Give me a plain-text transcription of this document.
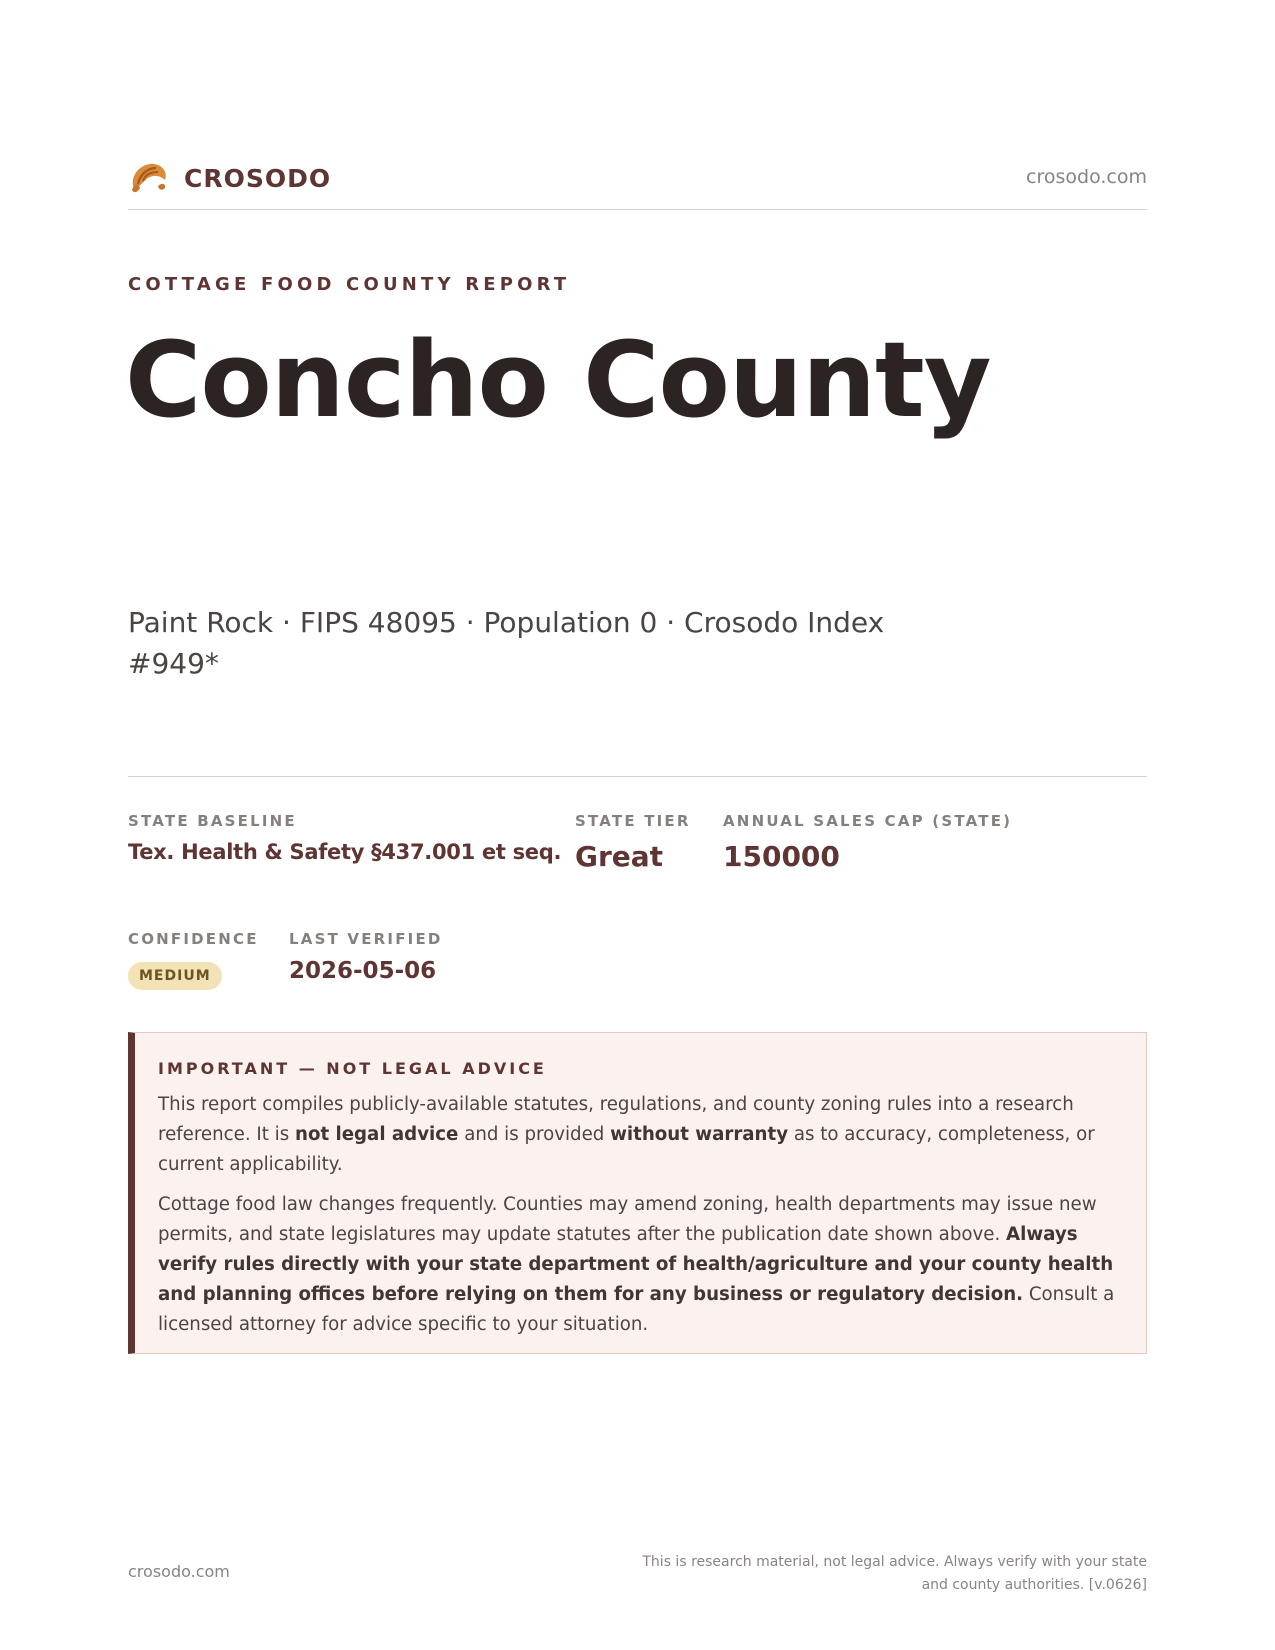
CROSODO	crosodo.com
COTTAGE FOOD COUNTY REPORT
Concho County
Paint Rock · FIPS 48095 · Population 0 · Crosodo Index #949*
STATE BASELINE
Tex. Health & Safety §437.001 et seq.
STATE TIER
Great
ANNUAL SALES CAP (STATE)
150000
CONFIDENCE
MEDIUM
LAST VERIFIED
2026-05-06
IMPORTANT — NOT LEGAL ADVICE

This report compiles publicly-available statutes, regulations, and county zoning rules into a research reference. It is not legal advice and is provided without warranty as to accuracy, completeness, or current applicability.

Cottage food law changes frequently. Counties may amend zoning, health departments may issue new permits, and state legislatures may update statutes after the publication date shown above. Always verify rules directly with your state department of health/agriculture and your county health and planning offices before relying on them for any business or regulatory decision. Consult a licensed attorney for advice specific to your situation.

crosodo.com	This is research material, not legal advice. Always verify with your state
and county authorities. [v.0626]
